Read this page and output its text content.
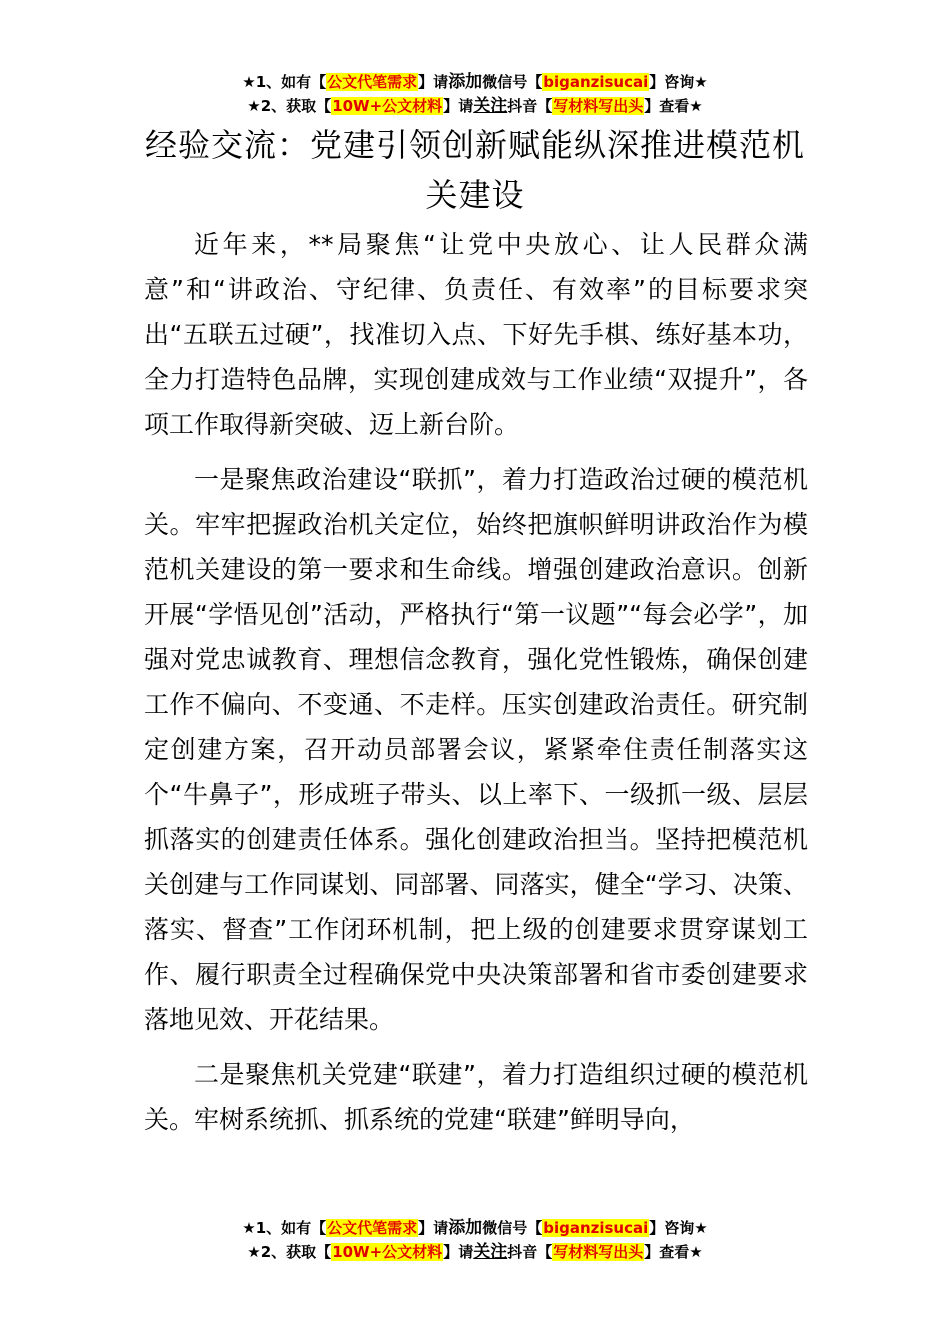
★1、如有【公文代笔需求】请添加微信号【biganzisucai】咨询★
★2、获取【10W+公文材料】请关注抖音【写材料写出头】查看★
经验交流：党建引领创新赋能纵深推进模范机关建设

近年来，**局聚焦“让党中央放心、让人民群众满意”和“讲政治、守纪律、负责任、有效率”的目标要求突出“五联五过硬”，找准切入点、下好先手棋、练好基本功，全力打造特色品牌，实现创建成效与工作业绩“双提升”，各项工作取得新突破、迈上新台阶。

一是聚焦政治建设“联抓”，着力打造政治过硬的模范机关。牢牢把握政治机关定位，始终把旗帜鲜明讲政治作为模范机关建设的第一要求和生命线。增强创建政治意识。创新开展“学悟见创”活动，严格执行“第一议题”“每会必学”，加强对党忠诚教育、理想信念教育，强化党性锻炼，确保创建工作不偏向、不变通、不走样。压实创建政治责任。研究制定创建方案，召开动员部署会议，紧紧牵住责任制落实这个“牛鼻子”，形成班子带头、以上率下、一级抓一级、层层抓落实的创建责任体系。强化创建政治担当。坚持把模范机关创建与工作同谋划、同部署、同落实，健全“学习、决策、落实、督查”工作闭环机制，把上级的创建要求贯穿谋划工作、履行职责全过程确保党中央决策部署和省市委创建要求落地见效、开花结果。

二是聚焦机关党建“联建”，着力打造组织过硬的模范机关。牢树系统抓、抓系统的党建“联建”鲜明导向，

★1、如有【公文代笔需求】请添加微信号【biganzisucai】咨询★
★2、获取【10W+公文材料】请关注抖音【写材料写出头】查看★
